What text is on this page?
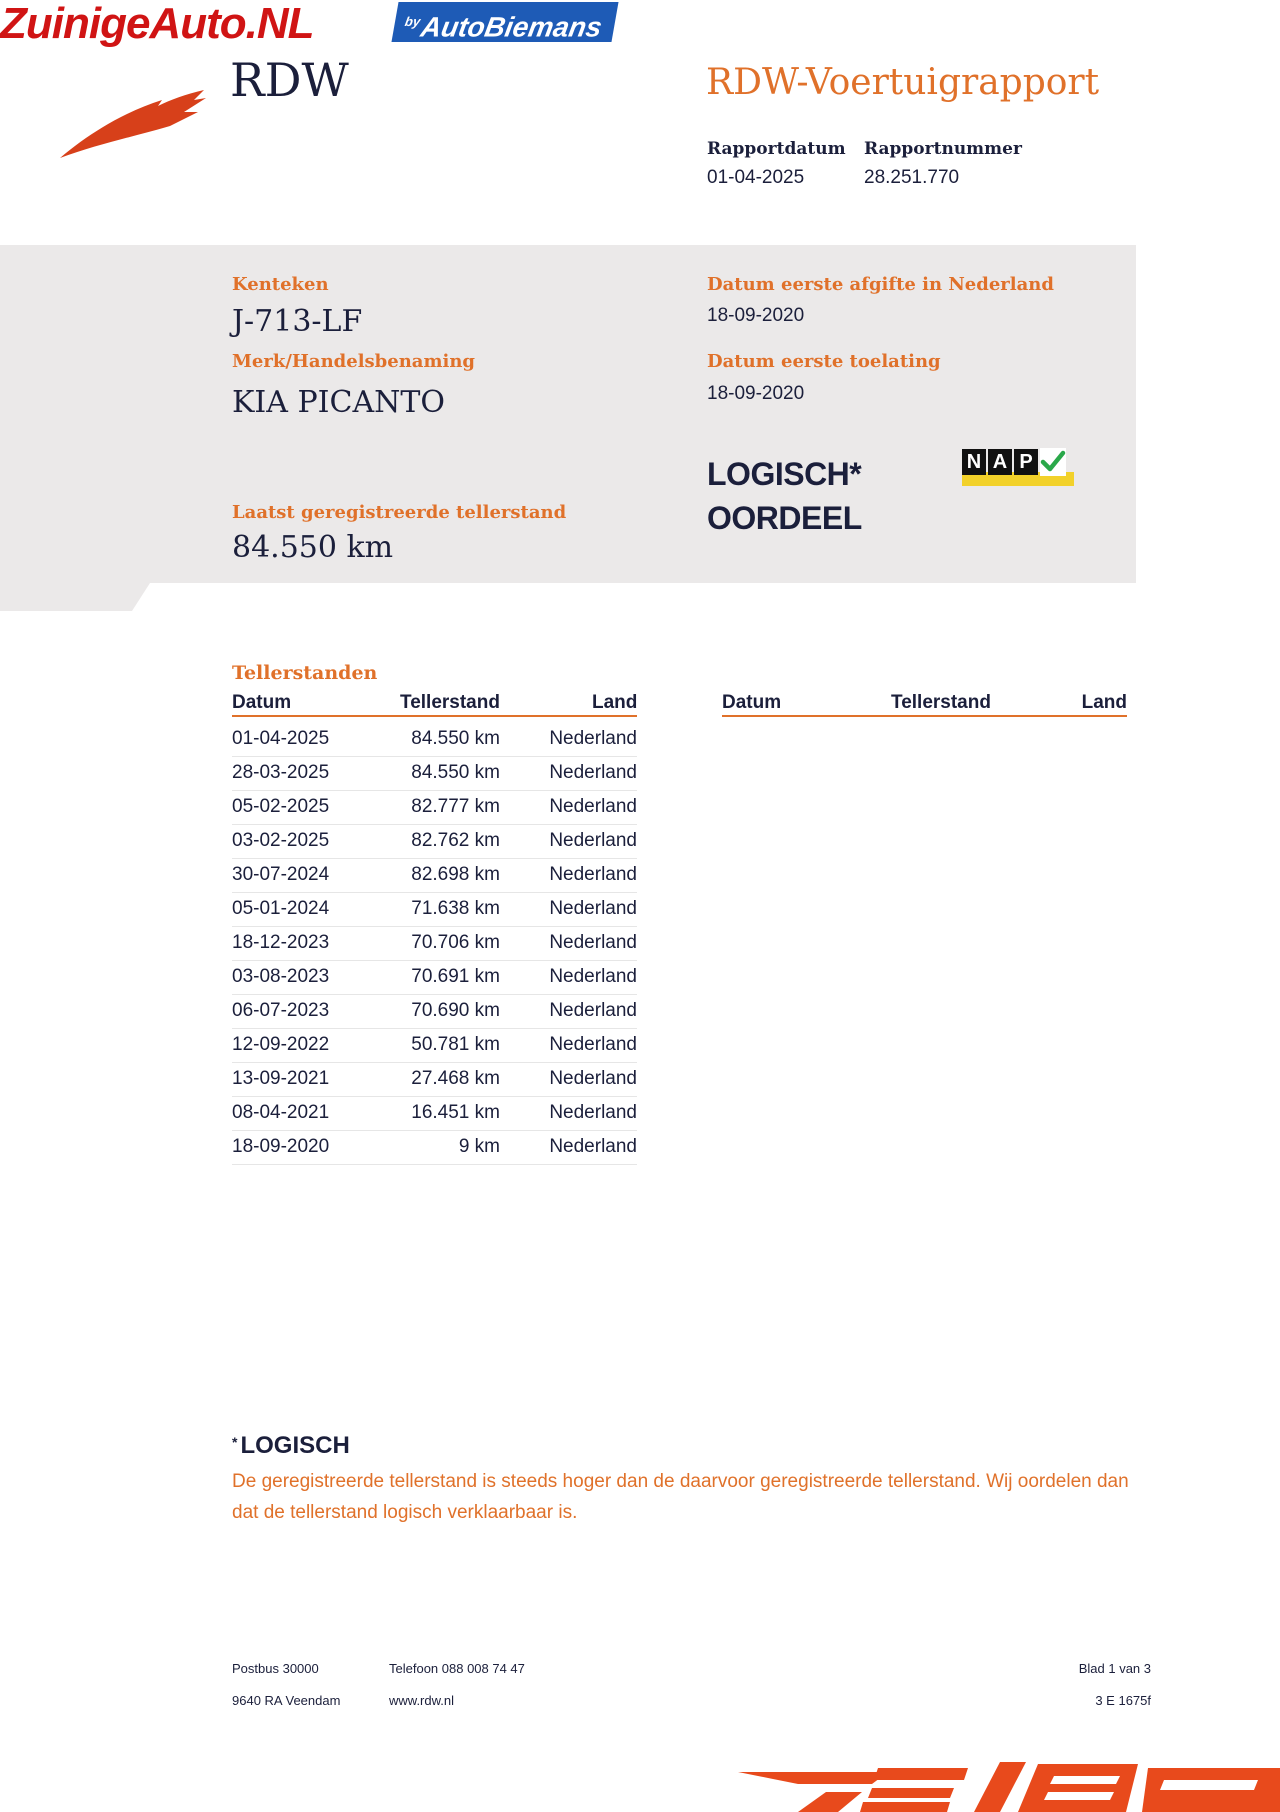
ZuinigeAuto.NL	$^{by}$AutoBiemans
RDW	RDW-Voertuigrapport
Rapportdatum
01-04-2025
Rapportnummer
28.251.770
Kenteken
J-713-LF
Merk/Handelsbenaming
KIA PICANTO
Datum eerste afgifte in Nederland
18-09-2020
Datum eerste toelating
18-09-2020
Laatst geregistreerde tellerstand
84.550 km
LOGISCH*
OORDEEL
N A P
Tellerstanden
Datum	Tellerstand	Land	Datum	Tellerstand	Land
01-04-2025	84.550 km	Nederland
28-03-2025	84.550 km	Nederland
05-02-2025	82.777 km	Nederland
03-02-2025	82.762 km	Nederland
30-07-2024	82.698 km	Nederland
05-01-2024	71.638 km	Nederland
18-12-2023	70.706 km	Nederland
03-08-2023	70.691 km	Nederland
06-07-2023	70.690 km	Nederland
12-09-2022	50.781 km	Nederland
13-09-2021	27.468 km	Nederland
08-04-2021	16.451 km	Nederland
18-09-2020	9 km	Nederland
* LOGISCH
De geregistreerde tellerstand is steeds hoger dan de daarvoor geregistreerde tellerstand. Wij oordelen dan dat de tellerstand logisch verklaarbaar is.
Postbus 30000
9640 RA Veendam
Telefoon 088 008 74 47
www.rdw.nl
Blad 1 van 3
3 E 1675f
